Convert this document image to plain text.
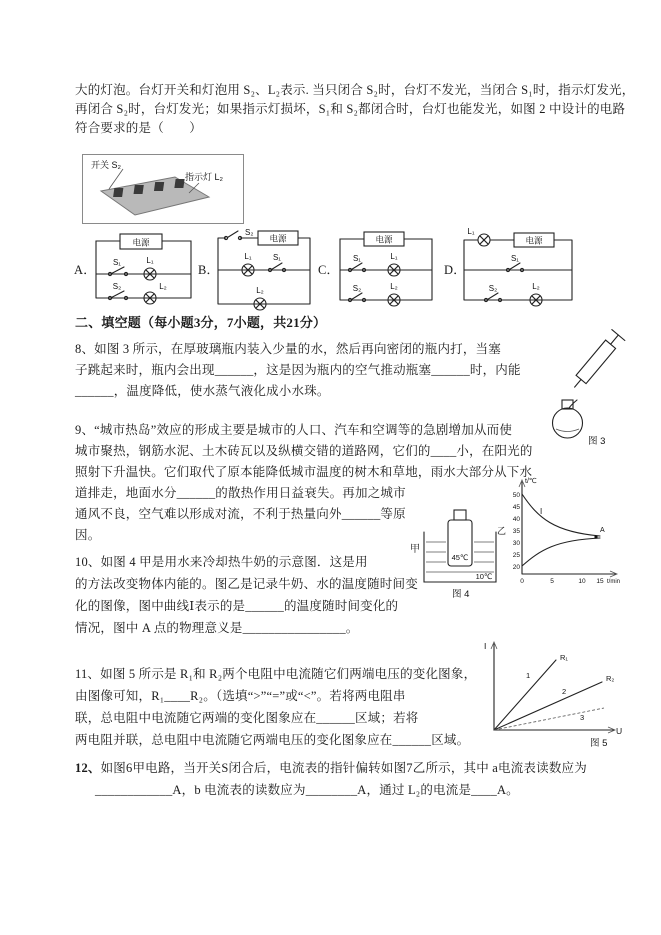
大的灯泡。台灯开关和灯泡用 S₂、L₂表示. 当只闭合 S₂时，台灯不发光，当闭合 S₁时，指示灯发光，
再闭合 S₂时，台灯发光；如果指示灯损坏，S₁和 S₂都闭合时，台灯也能发光，如图 2 中设计的电路
符合要求的是（　　）
开关 S₂
指示灯 L₂
A．	B．	C．	D．
电源
S₁	L₁
S₂	L₂
S₂
电源
L₁	S₁
L₂
电源
S₁	L₁
S₂	L₂
L₁
电源
S₁
S₂	L₂
二、填空题（每小题3分，7小题，共21分）
8、如图 3 所示，在厚玻璃瓶内装入少量的水，然后再向密闭的瓶内打，当塞
子跳起来时，瓶内会出现______，这是因为瓶内的空气推动瓶塞______时，内能
______，温度降低，使水蒸气液化成小水珠。
图 3
9、“城市热岛”效应的形成主要是城市的人口、汽车和空调等的急剧增加从而使
城市聚热，钢筋水泥、土木砖瓦以及纵横交错的道路网，它们的____小，在阳光的
照射下升温快。它们取代了原本能降低城市温度的树木和草地，雨水大部分从下水
道排走，地面水分______的散热作用日益衰失。再加之城市
通风不良，空气难以形成对流，不利于热量向外______等原
因。
甲
45℃
10℃
图 4
乙
t/℃
50
45
40
35
30
25
20
0	5	10 15 t/min
Ⅰ
A
10、如图 4 甲是用水来冷却热牛奶的示意图．这是用
的方法改变物体内能的。图乙是记录牛奶、水的温度随时间变
化的图像，图中曲线Ⅰ表示的是______的温度随时间变化的
情况，图中 A 点的物理意义是________________。
11、如图 5 所示是 R₁和 R₂两个电阻中电流随它们两端电压的变化图象，
由图像可知，R₁____R₂。（选填“>”“=”或“<”。若将两电阻串
联，总电阻中电流随它两端的变化图象应在______区域；若将
两电阻并联，总电阻中电流随它两端电压的变化图象应在______区域。
I
U
R₁
R₂
1
2
3
图 5
12、如图6甲电路，当开关S闭合后，电流表的指针偏转如图7乙所示，其中 a电流表读数应为
____________A，b 电流表的读数应为________A，通过 L₂的电流是____A。
